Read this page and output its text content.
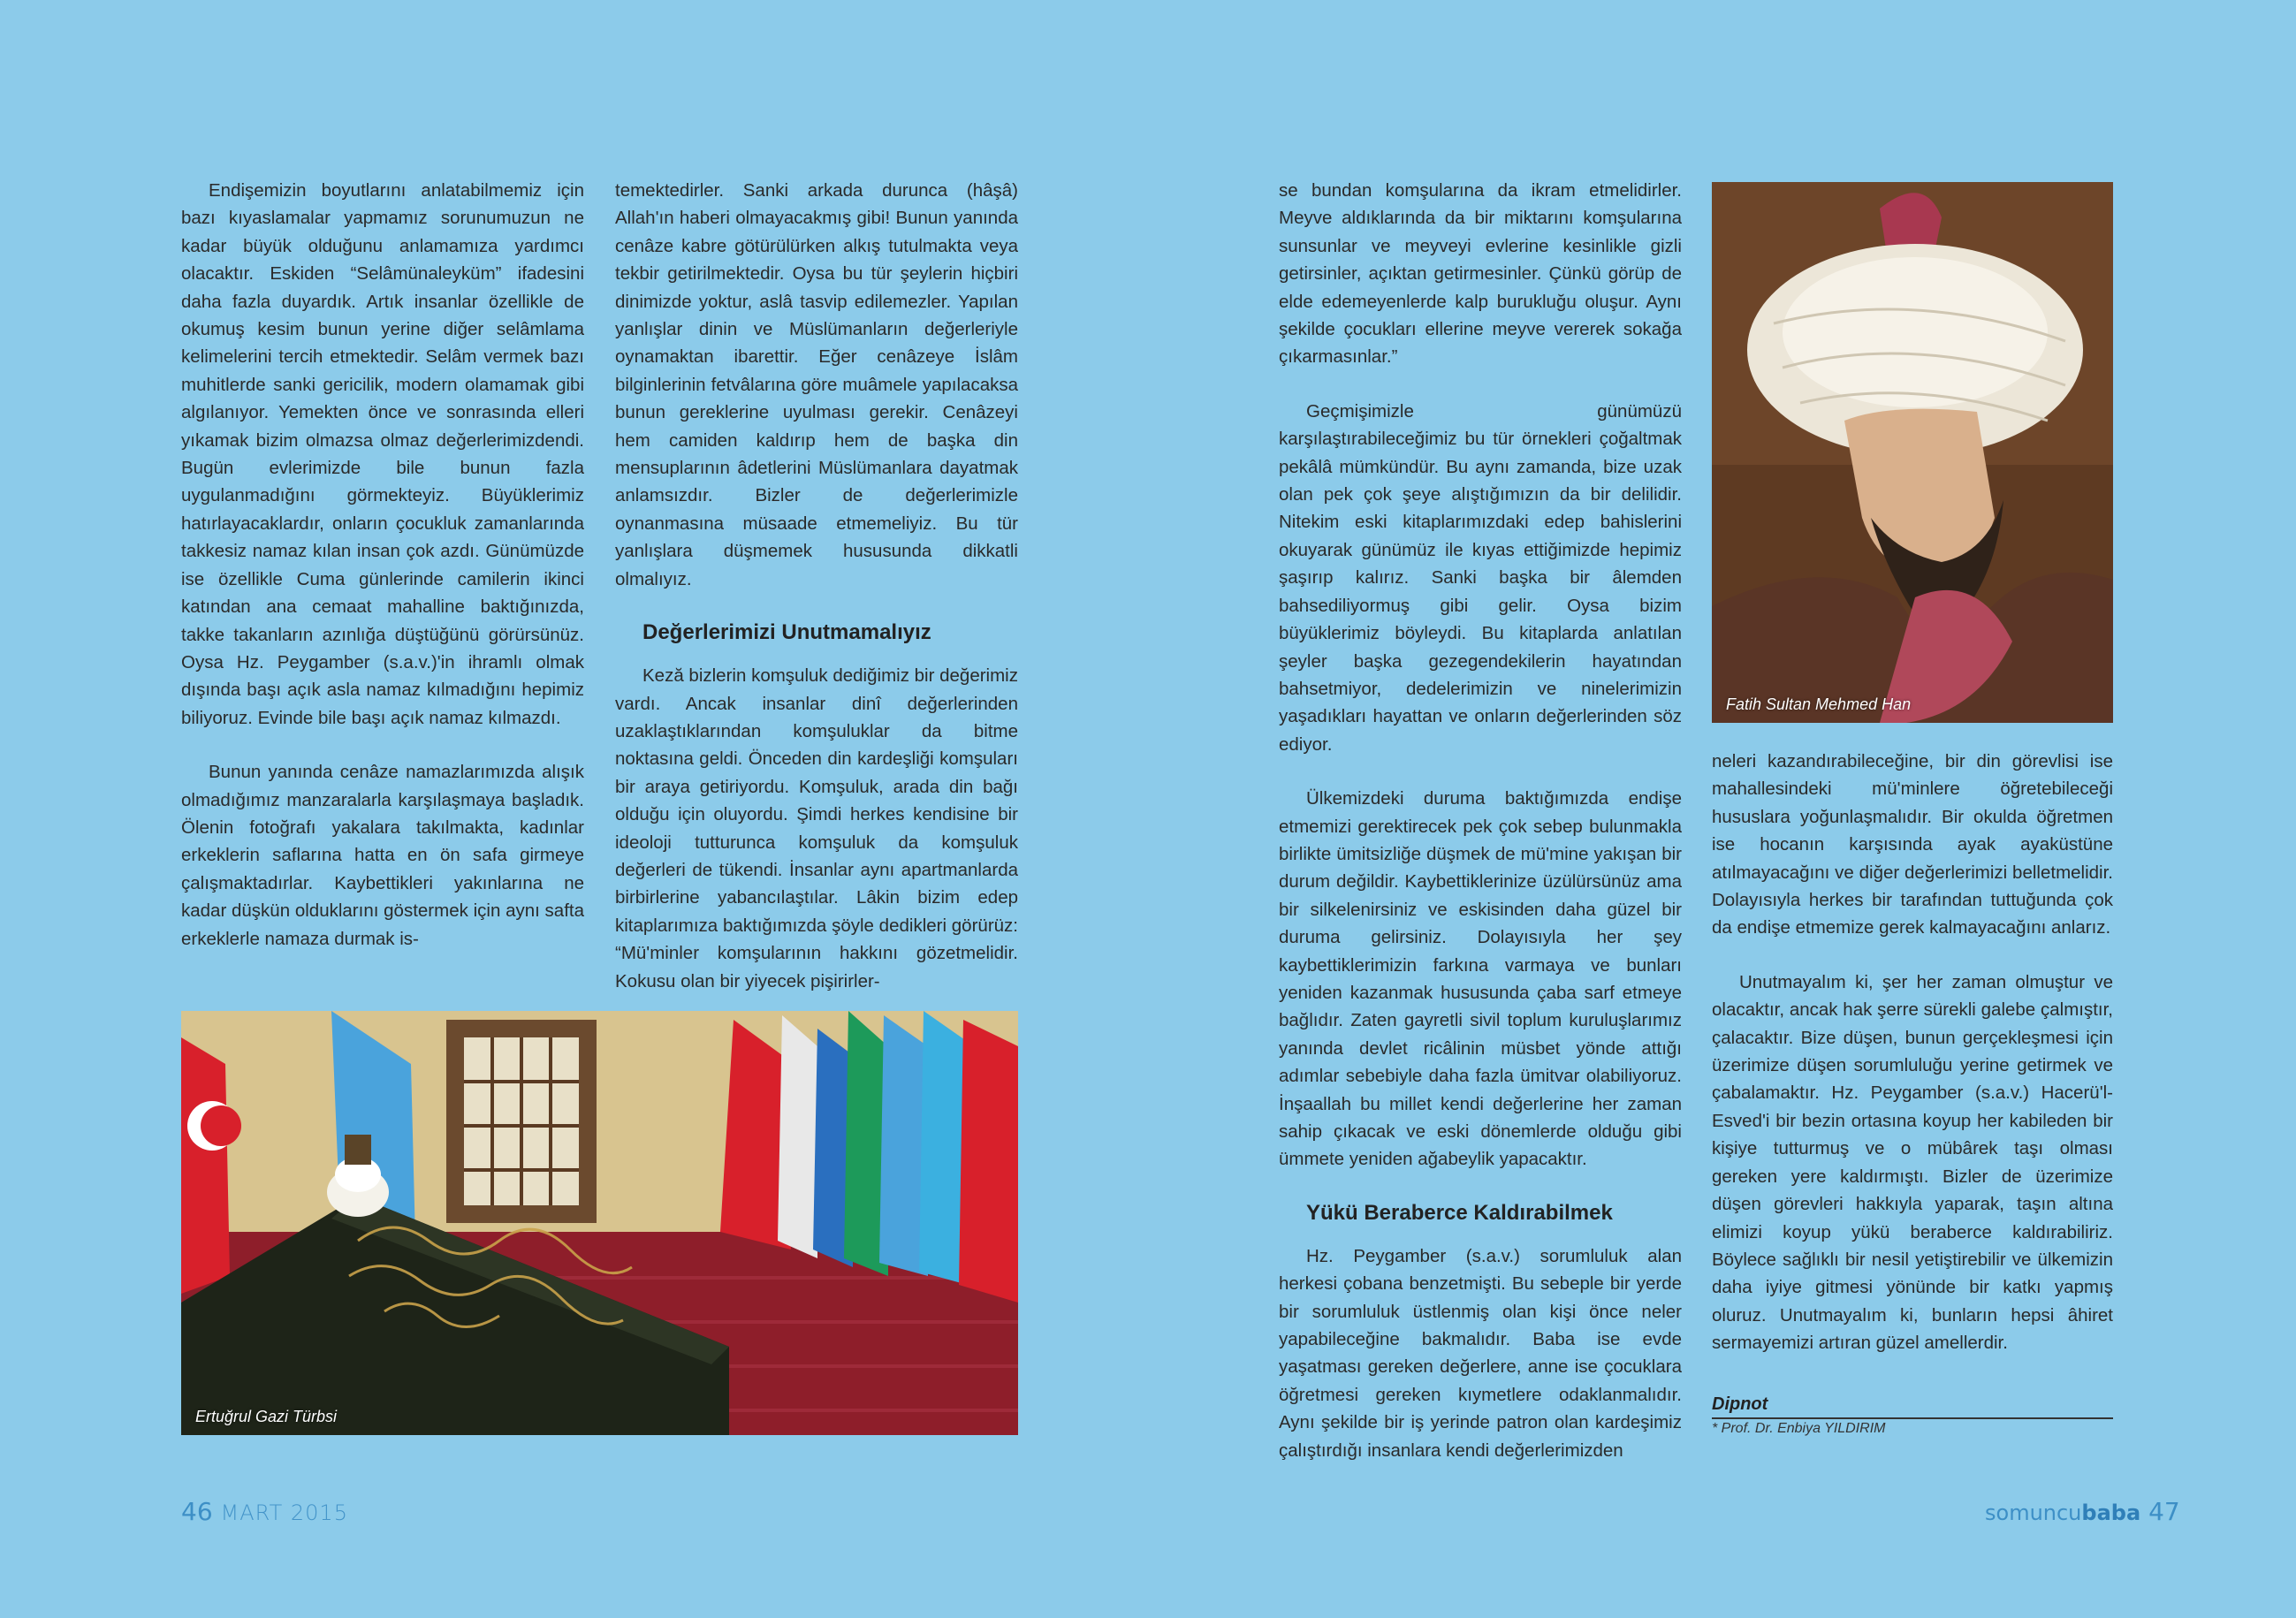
Endişemizin boyutlarını anlatabilmemiz için bazı kıyaslamalar yapmamız sorunumuzun ne kadar büyük olduğunu anlamamıza yardımcı olacaktır. Eskiden “Selâmünaleyküm” ifadesini daha fazla duyardık. Artık insanlar özellikle de okumuş kesim bunun yerine diğer selâmlama kelimelerini tercih etmektedir. Selâm vermek bazı muhitlerde sanki gericilik, modern olamamak gibi algılanıyor. Yemekten önce ve sonrasında elleri yıkamak bizim olmazsa olmaz değerlerimizdendi. Bugün evlerimizde bile bunun fazla uygulanmadığını görmekteyiz. Büyüklerimiz hatırlayacaklardır, onların çocukluk zamanlarında takkesiz namaz kılan insan çok azdı. Günümüzde ise özellikle Cuma günlerinde camilerin ikinci katından ana cemaat mahalline baktığınızda, takke takanların azınlığa düştüğünü görürsünüz. Oysa Hz. Peygamber (s.a.v.)'in ihramlı olmak dışında başı açık asla namaz kılmadığını hepimiz biliyoruz. Evinde bile başı açık namaz kılmazdı.

Bunun yanında cenâze namazlarımızda alışık olmadığımız manzaralarla karşılaşmaya başladık. Ölenin fotoğrafı yakalara takılmakta, kadınlar erkeklerin saflarına hatta en ön safa girmeye çalışmaktadırlar. Kaybettikleri yakınlarına ne kadar düşkün olduklarını göstermek için aynı safta erkeklerle namaza durmak is-

temektedirler. Sanki arkada durunca (hâşâ) Allah'ın haberi olmayacakmış gibi! Bunun yanında cenâze kabre götürülürken alkış tutulmakta veya tekbir getirilmektedir. Oysa bu tür şeylerin hiçbiri dinimizde yoktur, aslâ tasvip edilemezler. Yapılan yanlışlar dinin ve Müslümanların değerleriyle oynamaktan ibarettir. Eğer cenâzeye İslâm bilginlerinin fetvâlarına göre muâmele yapılacaksa bunun gereklerine uyulması gerekir. Cenâzeyi hem camiden kaldırıp hem de başka din mensuplarının âdetlerini Müslümanlara dayatmak anlamsızdır. Bizler de değerlerimizle oynanmasına müsaade etmemeliyiz. Bu tür yanlışlara düşmemek hususunda dikkatli olmalıyız.

Değerlerimizi Unutmamalıyız

Keză bizlerin komşuluk dediğimiz bir değerimiz vardı. Ancak insanlar dinî değerlerinden uzaklaştıklarından komşuluklar da bitme noktasına geldi. Önceden din kardeşliği komşuları bir araya getiriyordu. Komşuluk, arada din bağı olduğu için oluyordu. Şimdi herkes kendisine bir ideoloji tutturunca komşuluk da komşuluk değerleri de tükendi. İnsanlar aynı apartmanlarda birbirlerine yabancılaştılar. Lâkin bizim edep kitaplarımıza baktığımızda şöyle dedikleri görürüz: “Mü'minler komşularının hakkını gözetmelidir. Kokusu olan bir yiyecek pişirirler-

se bundan komşularına da ikram etmelidirler. Meyve aldıklarında da bir miktarını komşularına sunsunlar ve meyveyi evlerine kesinlikle gizli getirsinler, açıktan getirmesinler. Çünkü görüp de elde edemeyenlerde kalp burukluğu oluşur. Aynı şekilde çocukları ellerine meyve vererek sokağa çıkarmasınlar.”

Geçmişimizle günümüzü karşılaştırabileceğimiz bu tür örnekleri çoğaltmak pekâlâ mümkündür. Bu aynı zamanda, bize uzak olan pek çok şeye alıştığımızın da bir delilidir. Nitekim eski kitaplarımızdaki edep bahislerini okuyarak günümüz ile kıyas ettiğimizde hepimiz şaşırıp kalırız. Sanki başka bir âlemden bahsediliyormuş gibi gelir. Oysa bizim büyüklerimiz böyleydi. Bu kitaplarda anlatılan şeyler başka gezegendekilerin hayatından bahsetmiyor, dedelerimizin ve ninelerimizin yaşadıkları hayattan ve onların değerlerinden söz ediyor.

Ülkemizdeki duruma baktığımızda endişe etmemizi gerektirecek pek çok sebep bulunmakla birlikte ümitsizliğe düşmek de mü'mine yakışan bir durum değildir. Kaybettiklerinize üzülürsünüz ama bir silkelenirsiniz ve eskisinden daha güzel bir duruma gelirsiniz. Dolayısıyla her şey kaybettiklerimizin farkına varmaya ve bunları yeniden kazanmak hususunda çaba sarf etmeye bağlıdır. Zaten gayretli sivil toplum kuruluşlarımız yanında devlet ricâlinin müsbet yönde attığı adımlar sebebiyle daha fazla ümitvar olabiliyoruz. İnşaallah bu millet kendi değerlerine her zaman sahip çıkacak ve eski dönemlerde olduğu gibi ümmete yeniden ağabeylik yapacaktır.

Yükü Beraberce Kaldırabilmek

Hz. Peygamber (s.a.v.) sorumluluk alan herkesi çobana benzetmişti. Bu sebeple bir yerde bir sorumluluk üstlenmiş olan kişi önce neler yapabileceğine bakmalıdır. Baba ise evde yaşatması gereken değerlere, anne ise çocuklara öğretmesi gereken kıymetlere odaklanmalıdır. Aynı şekilde bir iş yerinde patron olan kardeşimiz çalıştırdığı insanlara kendi değerlerimizden

neleri kazandırabileceğine, bir din görevlisi ise mahallesindeki mü'minlere öğretebileceği hususlara yoğunlaşmalıdır. Bir okulda öğretmen ise hocanın karşısında ayak ayaküstüne atılmayacağını ve diğer değerlerimizi belletmelidir. Dolayısıyla herkes bir tarafından tuttuğunda çok da endişe etmemize gerek kalmayacağını anlarız.

Unutmayalım ki, şer her zaman olmuştur ve olacaktır, ancak hak şerre sürekli galebe çalmıştır, çalacaktır. Bize düşen, bunun gerçekleşmesi için üzerimize düşen sorumluluğu yerine getirmek ve çabalamaktır. Hz. Peygamber (s.a.v.) Hacerü'l-Esved'i bir bezin ortasına koyup her kabileden bir kişiye tutturmuş ve o mübârek taşı olması gereken yere kaldırmıştı. Bizler de üzerimize düşen görevleri hakkıyla yaparak, taşın altına elimizi koyup yükü beraberce kaldırabiliriz. Böylece sağlıklı bir nesil yetiştirebilir ve ülkemizin daha iyiye gitmesi yönünde bir katkı yapmış oluruz. Unutmayalım ki, bunların hepsi âhiret sermayemizi artıran güzel amellerdir.

Ertuğrul Gazi Türbsi
Fatih Sultan Mehmed Han
Dipnot
* Prof. Dr. Enbiya YILDIRIM
46 MART 2015	somuncubaba 47
